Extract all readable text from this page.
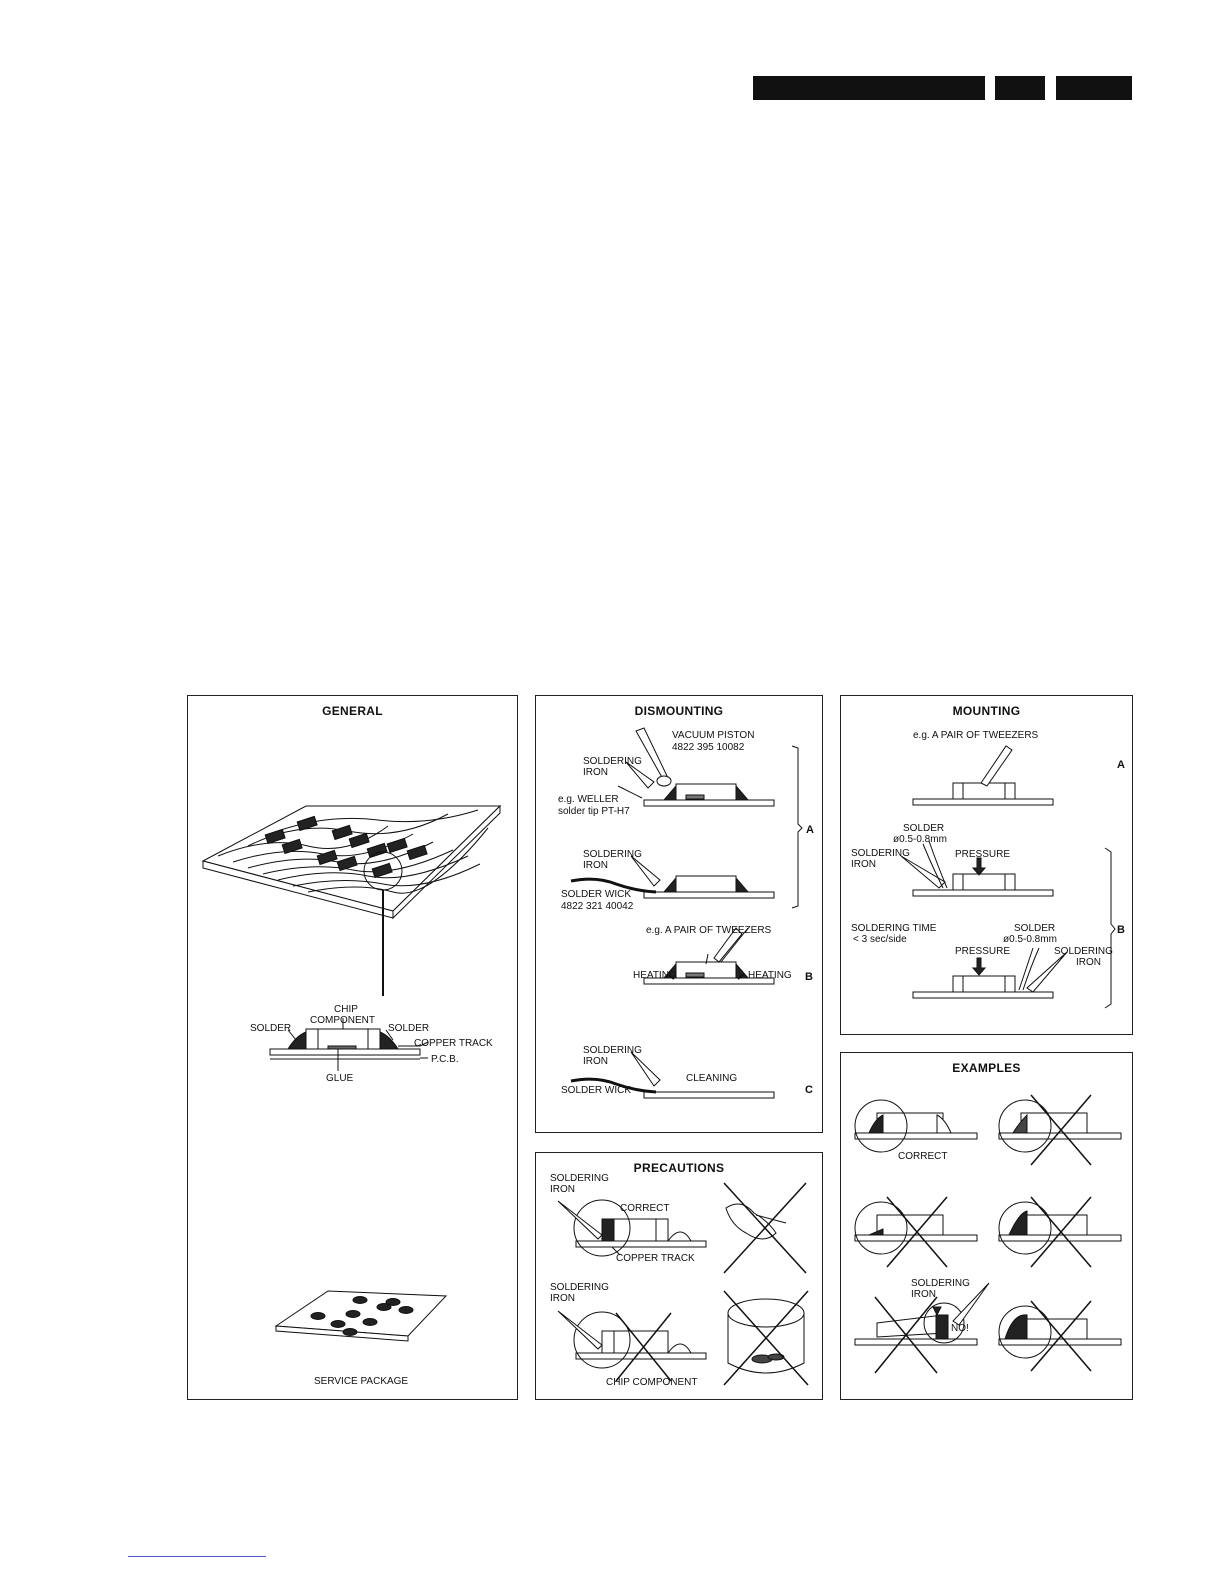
GENERAL
CHIP
COMPONENT
SOLDER	SOLDER
COPPER TRACK
P.C.B.
GLUE
SERVICE PACKAGE
DISMOUNTING
VACUUM PISTON
4822 395 10082
SOLDERING
IRON
e.g. WELLER
solder tip PT-H7
SOLDERING
IRON
SOLDER WICK
4822 321 40042
A
e.g. A PAIR OF TWEEZERS
HEATING	HEATING B
SOLDERING
IRON
CLEANING
SOLDER WICK	C
MOUNTING
e.g. A PAIR OF TWEEZERS
A
SOLDER
ø0.5-0.8mm
SOLDERING
IRON
PRESSURE
SOLDERING TIME
< 3 sec/side
SOLDER
ø0.5-0.8mm
B
PRESSURE	SOLDERING
IRON
PRECAUTIONS
SOLDERING
IRON
CORRECT
COPPER TRACK
SOLDERING
IRON
CHIP COMPONENT
EXAMPLES
CORRECT
SOLDERING
IRON
NO!
